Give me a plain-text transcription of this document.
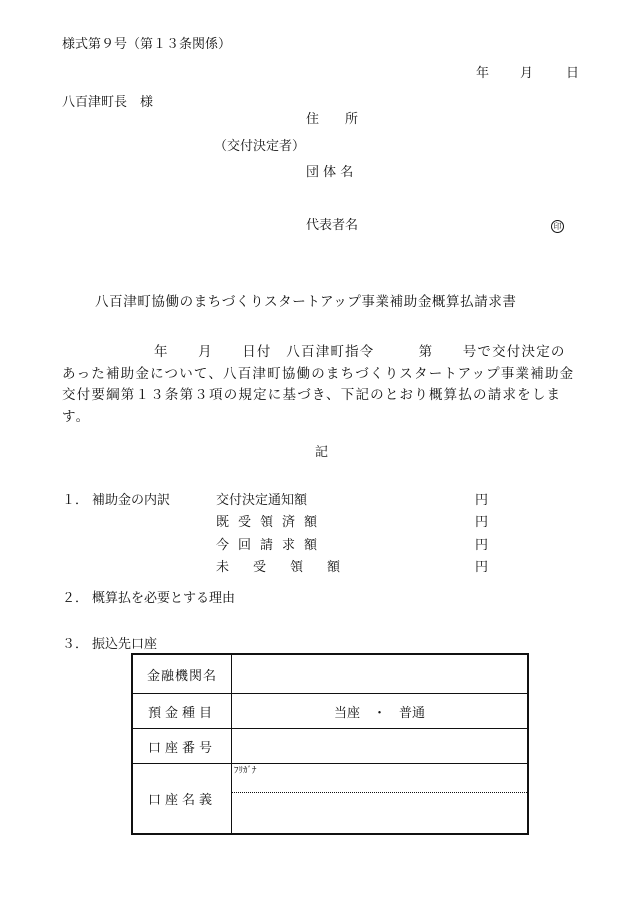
様式第９号（第１３条関係）
年 月	日
八百津町長　様
住　　所
（交付決定者）
団 体 名
代表者名	印
八百津町協働のまちづくりスタートアップ事業補助金概算払請求書

年　　月　　日付　八百津町指令　　　第　　号で交付決定の

あった補助金について、八百津町協働のまちづくりスタートアップ事業補助金交付要綱第１３条第３項の規定に基づき、下記のとおり概算払の請求をします。

記
１． 補助金の内訳	交付決定通知額	円
既受領済額	円
今回請求額	円
未受領額	円
２． 概算払を必要とする理由
３． 振込先口座
金融機関名	
預金種目	当座　・　普通
口座番号	
口座名義	ﾌﾘｶﾞﾅ
